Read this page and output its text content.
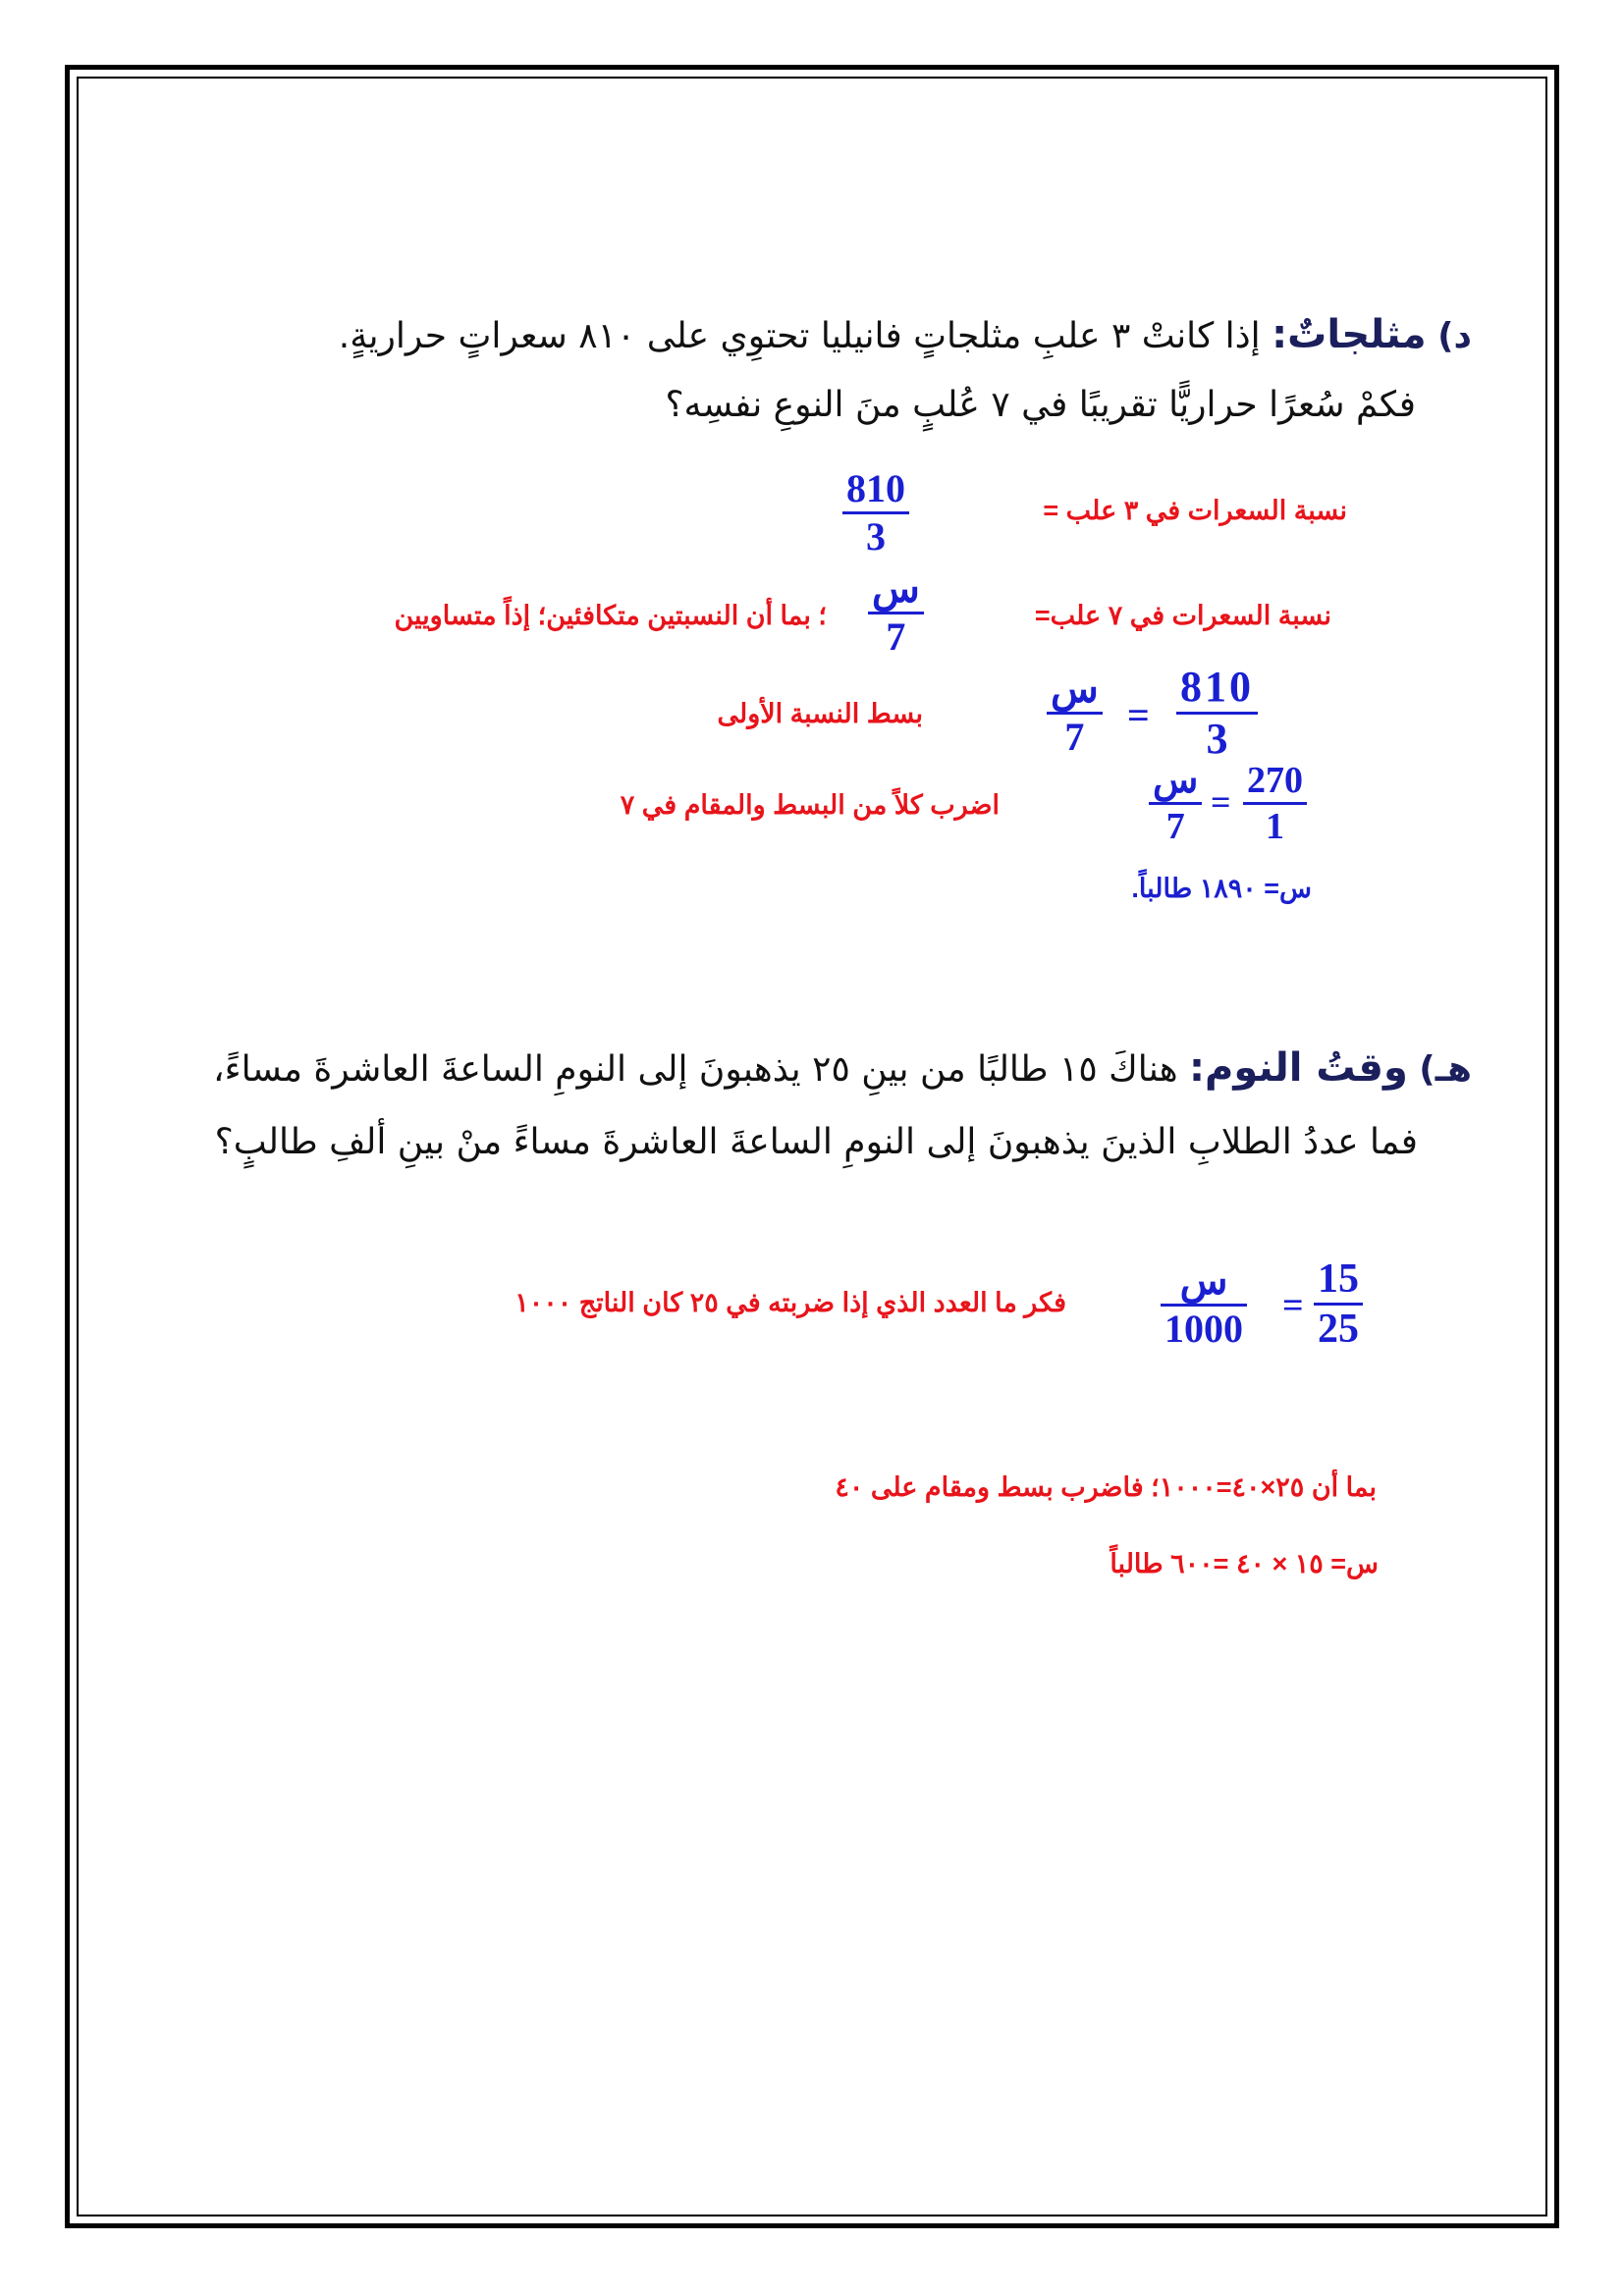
د) مثلجاتٌ: إذا كانتْ ٣ علبِ مثلجاتٍ فانيليا تحتوِي على ٨١٠ سعراتٍ حراريةٍ.
فكمْ سُعرًا حراريًّا تقريبًا في ٧ عُلبٍ منَ النوعِ نفسِه؟
نسبة السعرات في ٣ علب =
810
3
نسبة السعرات في ٧ علب=
س
7
؛ بما أن النسبتين متكافئين؛ إذاً متساويين
س
7 =
810
3
بسط النسبة الأولى
س
7
=
270
1
اضرب كلاً من البسط والمقام في ٧
س= ١٨٩٠ طالباً.
هـ) وقتُ النوم: هناكَ ١٥ طالبًا من بينِ ٢٥ يذهبونَ إلى النومِ الساعةَ العاشرةَ مساءً،
فما عددُ الطلابِ الذينَ يذهبونَ إلى النومِ الساعةَ العاشرةَ مساءً منْ بينِ ألفِ طالبٍ؟
س
1000
=
15
25
فكر ما العدد الذي إذا ضربته في ٢٥ كان الناتج ١٠٠٠
بما أن ٢٥×٤٠=١٠٠٠؛ فاضرب بسط ومقام على ٤٠
س= ١٥ × ٤٠ =٦٠٠ طالباً
